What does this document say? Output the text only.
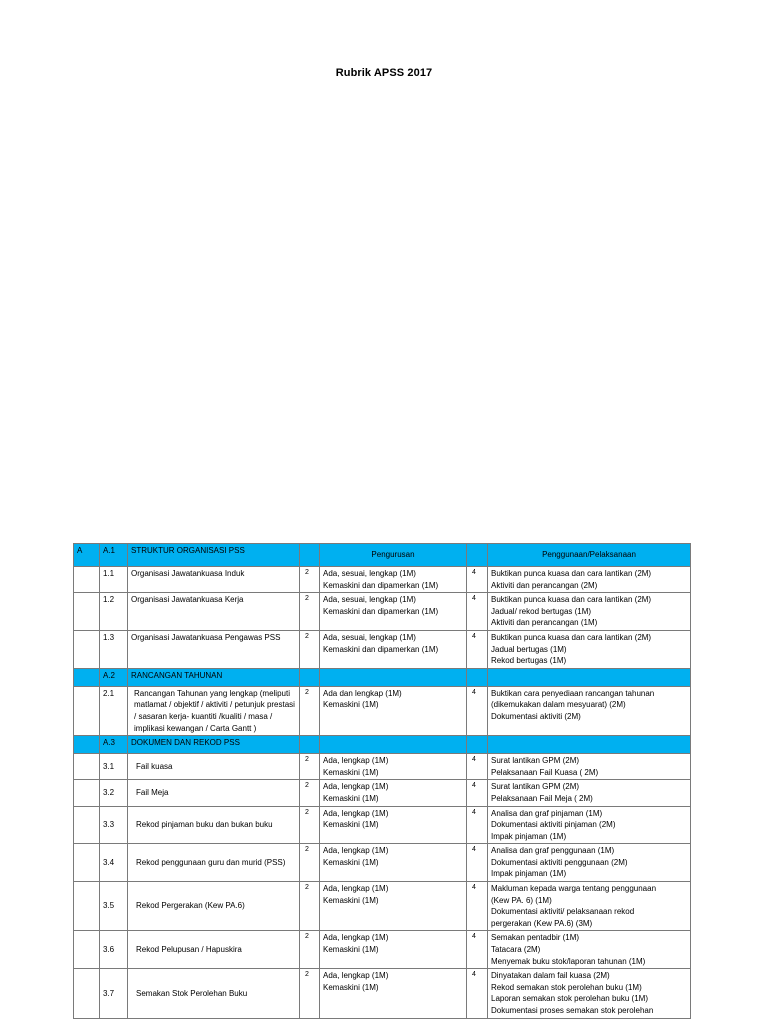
Rubrik APSS 2017
A	A.1	STRUKTUR ORGANISASI PSS		Pengurusan		Penggunaan/Pelaksanaan
	1.1	Organisasi Jawatankuasa Induk	2	Ada, sesuai, lengkap (1M)
Kemaskini dan dipamerkan (1M)	4	Buktikan punca kuasa dan cara lantikan (2M)
Aktiviti dan perancangan (2M)

	1.2	Organisasi Jawatankuasa Kerja	2	Ada, sesuai, lengkap (1M)
Kemaskini dan dipamerkan (1M)	4	Buktikan punca kuasa dan cara lantikan (2M)
Jadual/ rekod bertugas (1M)
Aktiviti dan perancangan (1M)

	1.3	Organisasi Jawatankuasa Pengawas PSS	2	Ada, sesuai, lengkap (1M)
Kemaskini dan dipamerkan (1M)	4	Buktikan punca kuasa dan cara lantikan (2M)
Jadual bertugas (1M)
Rekod bertugas (1M)

	A.2	RANCANGAN TAHUNAN				
	2.1	Rancangan Tahunan yang lengkap (meliputi matlamat / objektif / aktiviti / petunjuk prestasi / sasaran kerja- kuantiti /kualiti / masa / implikasi kewangan / Carta Gantt )	2	Ada dan lengkap (1M)
Kemaskini (1M)	4	Buktikan cara penyediaan rancangan tahunan
(dikemukakan dalam mesyuarat) (2M)
Dokumentasi aktiviti (2M)

	A.3	DOKUMEN DAN REKOD PSS				
	3.1	Fail kuasa	2	Ada, lengkap (1M)
Kemaskini (1M)	4	Surat lantikan GPM (2M)
Pelaksanaan Fail Kuasa ( 2M)

	3.2	Fail Meja	2	Ada, lengkap (1M)
Kemaskini (1M)	4	Surat lantikan GPM (2M)
Pelaksanaan Fail Meja ( 2M)

	3.3	Rekod pinjaman buku dan bukan buku	2	Ada, lengkap (1M)
Kemaskini (1M)	4	Analisa dan graf pinjaman (1M)
Dokumentasi aktiviti pinjaman (2M)
Impak pinjaman (1M)

	3.4	Rekod penggunaan guru dan murid (PSS)	2	Ada, lengkap (1M)
Kemaskini (1M)	4	Analisa dan graf penggunaan (1M)
Dokumentasi aktiviti penggunaan (2M)
Impak pinjaman (1M)

	3.5	Rekod Pergerakan (Kew PA.6)	2	Ada, lengkap (1M)
Kemaskini (1M)	4	Makluman kepada warga tentang penggunaan
(Kew PA. 6) (1M)
Dokumentasi aktiviti/ pelaksanaan rekod
pergerakan (Kew PA.6) (3M)

	3.6	Rekod Pelupusan / Hapuskira	2	Ada, lengkap (1M)
Kemaskini (1M)	4	Semakan pentadbir (1M)
Tatacara (2M)
Menyemak buku stok/laporan tahunan (1M)

	3.7	Semakan Stok Perolehan Buku	2	Ada, lengkap (1M)
Kemaskini (1M)	4	Dinyatakan dalam fail kuasa (2M)
Rekod semakan stok perolehan buku (1M)
Laporan semakan stok perolehan buku (1M)
Dokumentasi proses semakan stok perolehan
